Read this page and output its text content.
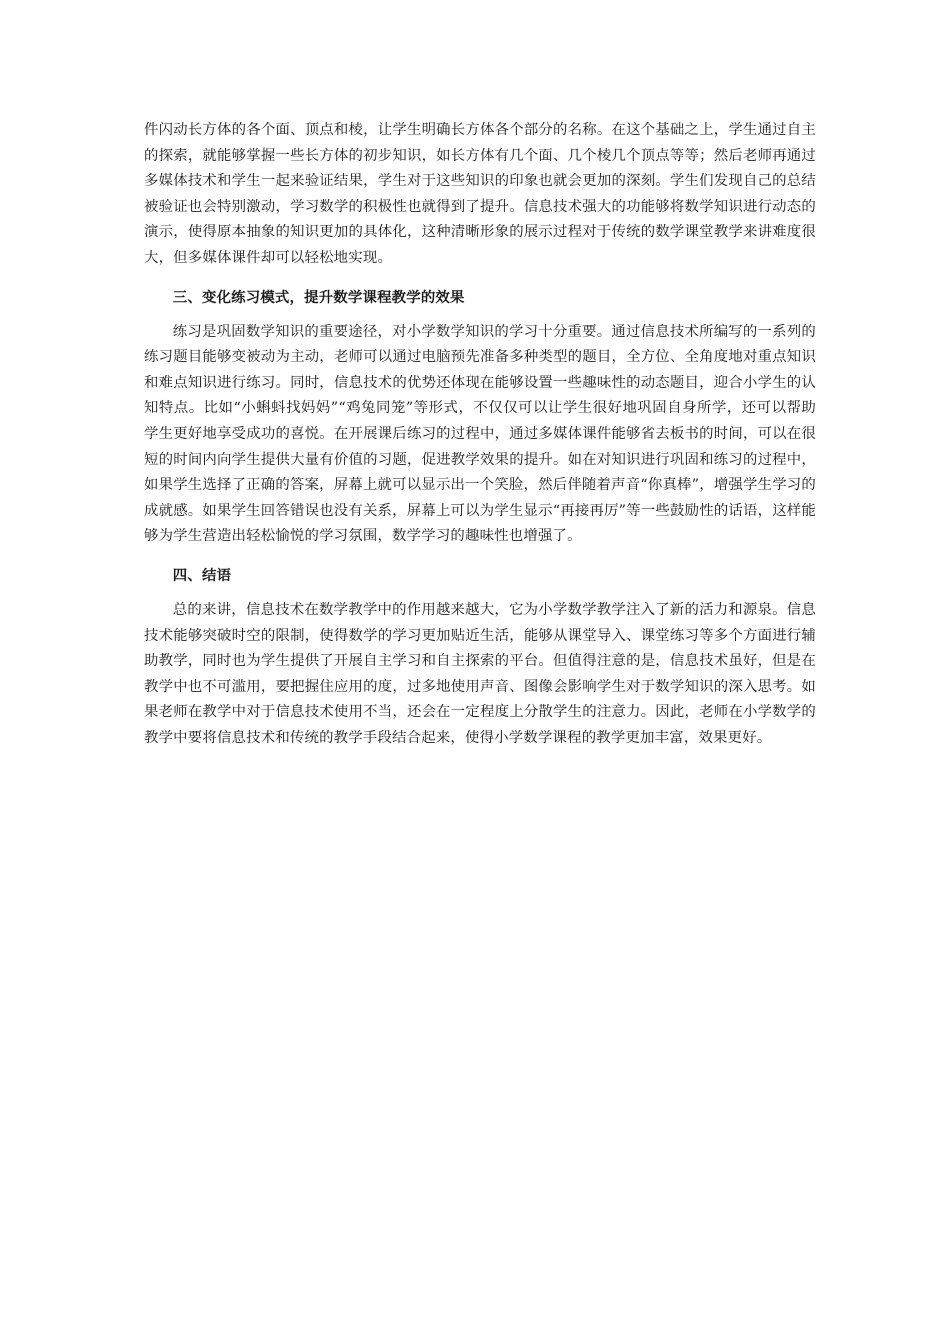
件闪动长方体的各个面、顶点和棱，让学生明确长方体各个部分的名称。在这个基础之上，学生通过自主的探索，就能够掌握一些长方体的初步知识，如长方体有几个面、几个棱几个顶点等等；然后老师再通过多媒体技术和学生一起来验证结果，学生对于这些知识的印象也就会更加的深刻。学生们发现自己的总结被验证也会特别激动，学习数学的积极性也就得到了提升。信息技术强大的功能够将数学知识进行动态的演示，使得原本抽象的知识更加的具体化，这种清晰形象的展示过程对于传统的数学课堂教学来讲难度很大，但多媒体课件却可以轻松地实现。

三、变化练习模式，提升数学课程教学的效果

练习是巩固数学知识的重要途径，对小学数学知识的学习十分重要。通过信息技术所编写的一系列的练习题目能够变被动为主动，老师可以通过电脑预先准备多种类型的题目，全方位、全角度地对重点知识和难点知识进行练习。同时，信息技术的优势还体现在能够设置一些趣味性的动态题目，迎合小学生的认知特点。比如“小蝌蚪找妈妈”“鸡兔同笼”等形式，不仅仅可以让学生很好地巩固自身所学，还可以帮助学生更好地享受成功的喜悦。在开展课后练习的过程中，通过多媒体课件能够省去板书的时间，可以在很短的时间内向学生提供大量有价值的习题，促进教学效果的提升。如在对知识进行巩固和练习的过程中，如果学生选择了正确的答案，屏幕上就可以显示出一个笑脸，然后伴随着声音“你真棒”，增强学生学习的成就感。如果学生回答错误也没有关系，屏幕上可以为学生显示“再接再厉”等一些鼓励性的话语，这样能够为学生营造出轻松愉悦的学习氛围，数学学习的趣味性也增强了。

四、结语

总的来讲，信息技术在数学教学中的作用越来越大，它为小学数学教学注入了新的活力和源泉。信息技术能够突破时空的限制，使得数学的学习更加贴近生活，能够从课堂导入、课堂练习等多个方面进行辅助教学，同时也为学生提供了开展自主学习和自主探索的平台。但值得注意的是，信息技术虽好，但是在教学中也不可滥用，要把握住应用的度，过多地使用声音、图像会影响学生对于数学知识的深入思考。如果老师在教学中对于信息技术使用不当，还会在一定程度上分散学生的注意力。因此，老师在小学数学的教学中要将信息技术和传统的教学手段结合起来，使得小学数学课程的教学更加丰富，效果更好。
